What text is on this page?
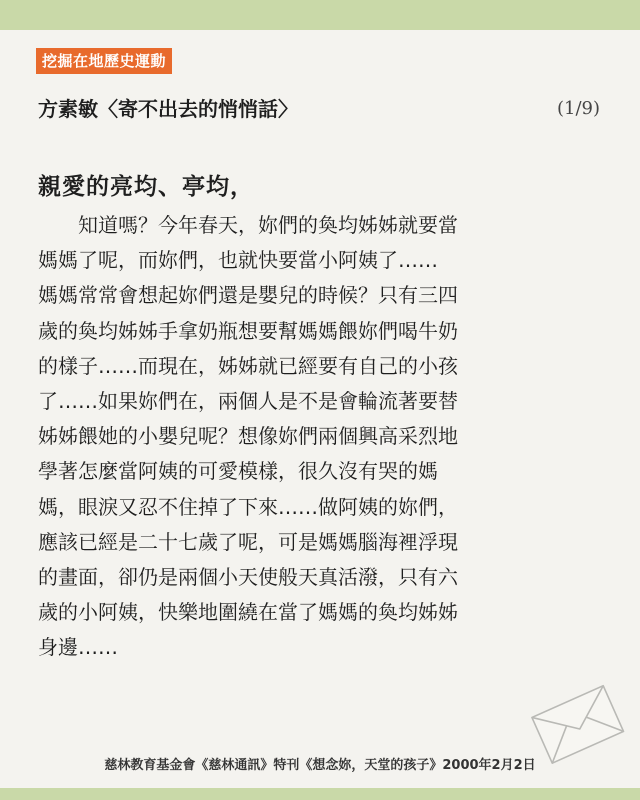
挖掘在地歷史運動
方素敏〈寄不出去的悄悄話〉	(1/9)
親愛的亮均、亭均，
　　知道嗎？今年春天，妳們的奐均姊姊就要當
媽媽了呢，而妳們，也就快要當小阿姨了……
媽媽常常會想起妳們還是嬰兒的時候？只有三四
歲的奐均姊姊手拿奶瓶想要幫媽媽餵妳們喝牛奶
的樣子……而現在，姊姊就已經要有自己的小孩
了……如果妳們在，兩個人是不是會輪流著要替
姊姊餵她的小嬰兒呢？想像妳們兩個興高采烈地
學著怎麼當阿姨的可愛模樣，很久沒有哭的媽
媽，眼淚又忍不住掉了下來……做阿姨的妳們，
應該已經是二十七歲了呢，可是媽媽腦海裡浮現
的畫面，卻仍是兩個小天使般天真活潑，只有六
歲的小阿姨，快樂地圍繞在當了媽媽的奐均姊姊
身邊……
慈林教育基金會《慈林通訊》特刊《想念妳，天堂的孩子》2000年2月2日
